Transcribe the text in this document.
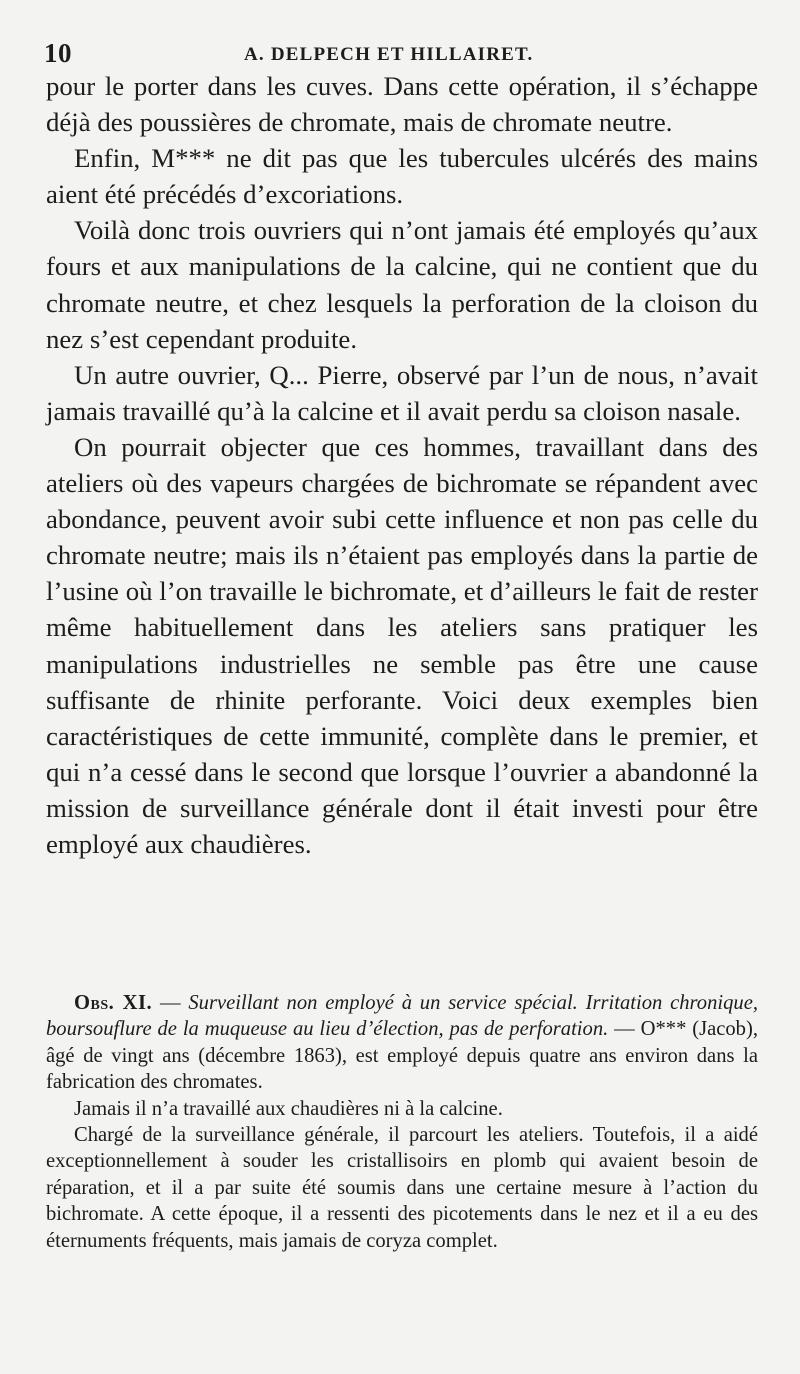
10	A. DELPECH ET HILLAIRET.

pour le porter dans les cuves. Dans cette opération, il s’échappe déjà des poussières de chromate, mais de chromate neutre.

Enfin, M*** ne dit pas que les tubercules ulcérés des mains aient été précédés d’excoriations.

Voilà donc trois ouvriers qui n’ont jamais été employés qu’aux fours et aux manipulations de la calcine, qui ne contient que du chromate neutre, et chez lesquels la perforation de la cloison du nez s’est cependant produite.

Un autre ouvrier, Q... Pierre, observé par l’un de nous, n’avait jamais travaillé qu’à la calcine et il avait perdu sa cloison nasale.

On pourrait objecter que ces hommes, travaillant dans des ateliers où des vapeurs chargées de bichromate se répandent avec abondance, peuvent avoir subi cette influence et non pas celle du chromate neutre; mais ils n’étaient pas employés dans la partie de l’usine où l’on travaille le bichromate, et d’ailleurs le fait de rester même habituellement dans les ateliers sans pratiquer les manipulations industrielles ne semble pas être une cause suffisante de rhinite perforante. Voici deux exemples bien caractéristiques de cette immunité, complète dans le premier, et qui n’a cessé dans le second que lorsque l’ouvrier a abandonné la mission de surveillance générale dont il était investi pour être employé aux chaudières.

Obs. XI. — Surveillant non employé à un service spécial. Irritation chronique, boursouflure de la muqueuse au lieu d’élection, pas de perforation. — O*** (Jacob), âgé de vingt ans (décembre 1863), est employé depuis quatre ans environ dans la fabrication des chromates.

Jamais il n’a travaillé aux chaudières ni à la calcine.

Chargé de la surveillance générale, il parcourt les ateliers. Toutefois, il a aidé exceptionnellement à souder les cristallisoirs en plomb qui avaient besoin de réparation, et il a par suite été soumis dans une certaine mesure à l’action du bichromate. A cette époque, il a ressenti des picotements dans le nez et il a eu des éternuments fréquents, mais jamais de coryza complet.
